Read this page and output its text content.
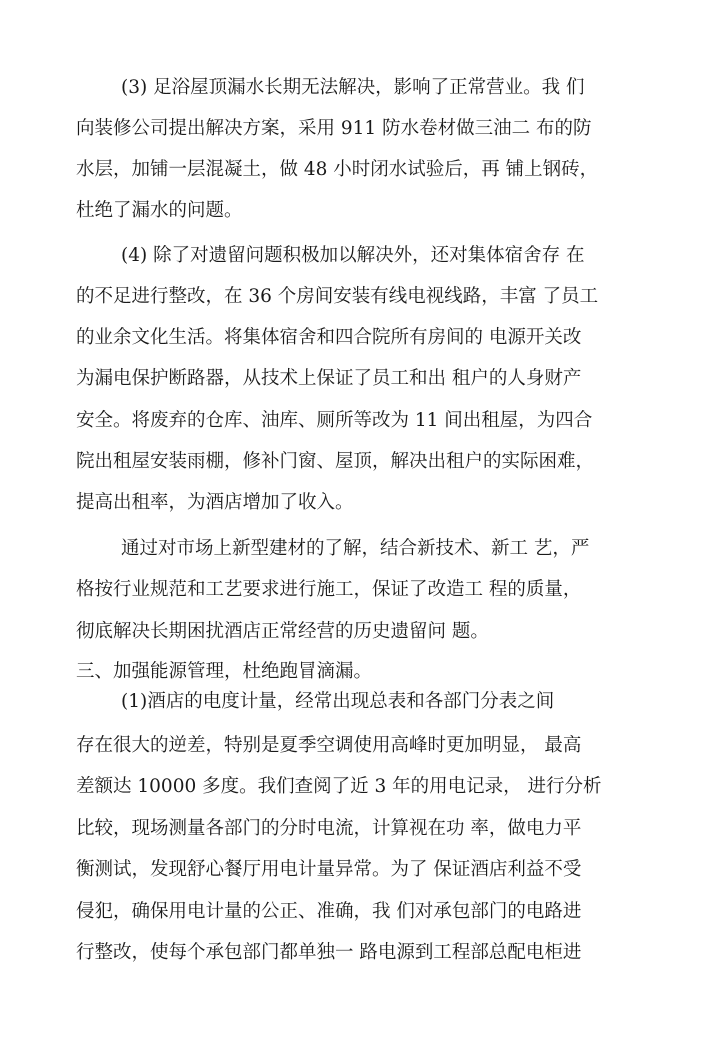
(3) 足浴屋顶漏水长期无法解决，影响了正常营业。我 们
向装修公司提出解决方案，采用 911 防水卷材做三油二 布的防
水层，加铺一层混凝土，做 48 小时闭水试验后，再 铺上钢砖，
杜绝了漏水的问题。
(4) 除了对遗留问题积极加以解决外，还对集体宿舍存 在
的不足进行整改，在 36 个房间安装有线电视线路，丰富 了员工
的业余文化生活。将集体宿舍和四合院所有房间的 电源开关改
为漏电保护断路器，从技术上保证了员工和出 租户的人身财产
安全。将废弃的仓库、油库、厕所等改为 11 间出租屋，为四合
院出租屋安装雨棚，修补门窗、屋顶，解决出租户的实际困难，
提高出租率，为酒店增加了收入。
通过对市场上新型建材的了解，结合新技术、新工 艺，严
格按行业规范和工艺要求进行施工，保证了改造工 程的质量，
彻底解决长期困扰酒店正常经营的历史遗留问 题。
三、加强能源管理，杜绝跑冒滴漏。
(1)酒店的电度计量，经常出现总表和各部门分表之间
存在很大的逆差，特别是夏季空调使用高峰时更加明显， 最高
差额达 10000 多度。我们查阅了近 3 年的用电记录， 进行分析
比较，现场测量各部门的分时电流，计算视在功 率，做电力平
衡测试，发现舒心餐厅用电计量异常。为了 保证酒店利益不受
侵犯，确保用电计量的公正、准确，我 们对承包部门的电路进
行整改，使每个承包部门都单独一 路电源到工程部总配电柜进
